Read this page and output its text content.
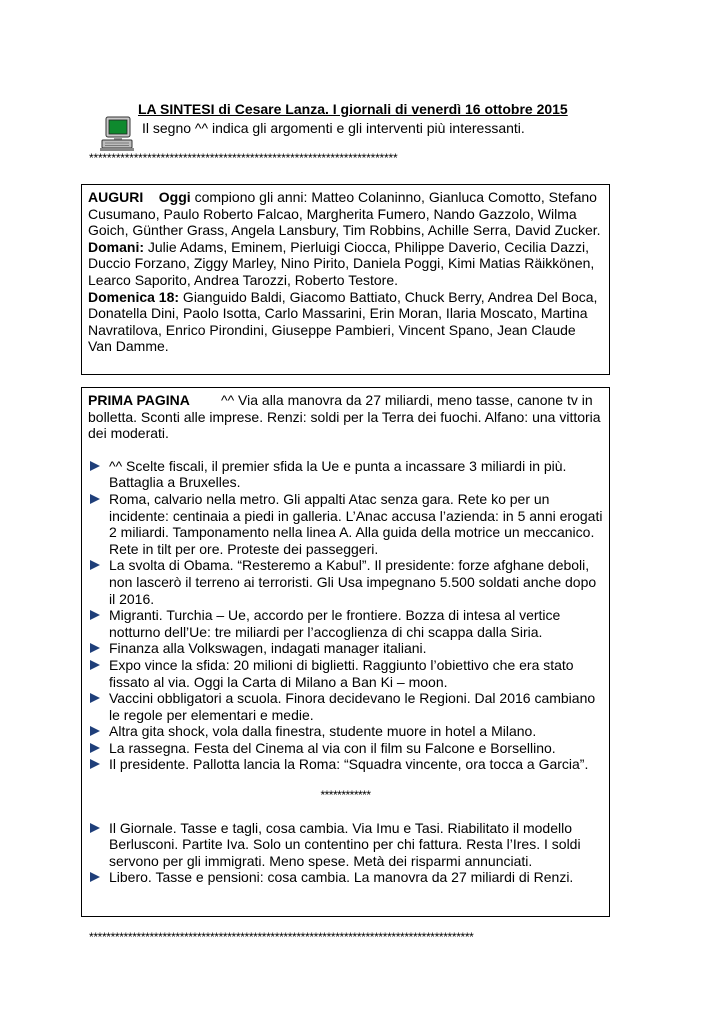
LA SINTESI di Cesare Lanza. I giornali di venerdì 16 ottobre 2015
Il segno ^^ indica gli argomenti e gli interventi più interessanti.
*********************************************************************

AUGURI Oggi compiono gli anni: Matteo Colaninno, Gianluca Comotto, Stefano Cusumano, Paulo Roberto Falcao, Margherita Fumero, Nando Gazzolo, Wilma Goich, Günther Grass, Angela Lansbury, Tim Robbins, Achille Serra, David Zucker.

Domani: Julie Adams, Eminem, Pierluigi Ciocca, Philippe Daverio, Cecilia Dazzi, Duccio Forzano, Ziggy Marley, Nino Pirito, Daniela Poggi, Kimi Matias Räikkönen, Learco Saporito, Andrea Tarozzi, Roberto Testore.

Domenica 18: Gianguido Baldi, Giacomo Battiato, Chuck Berry, Andrea Del Boca, Donatella Dini, Paolo Isotta, Carlo Massarini, Erin Moran, Ilaria Moscato, Martina Navratilova, Enrico Pirondini, Giuseppe Pambieri, Vincent Spano, Jean Claude Van Damme.

PRIMA PAGINA ^^ Via alla manovra da 27 miliardi, meno tasse, canone tv in bolletta. Sconti alle imprese. Renzi: soldi per la Terra dei fuochi. Alfano: una vittoria dei moderati.

^^ Scelte fiscali, il premier sfida la Ue e punta a incassare 3 miliardi in più. Battaglia a Bruxelles.
Roma, calvario nella metro. Gli appalti Atac senza gara. Rete ko per un incidente: centinaia a piedi in galleria. L’Anac accusa l’azienda: in 5 anni erogati 2 miliardi. Tamponamento nella linea A. Alla guida della motrice un meccanico. Rete in tilt per ore. Proteste dei passeggeri.
La svolta di Obama. “Resteremo a Kabul”. Il presidente: forze afghane deboli, non lascerò il terreno ai terroristi. Gli Usa impegnano 5.500 soldati anche dopo il 2016.
Migranti. Turchia – Ue, accordo per le frontiere. Bozza di intesa al vertice notturno dell’Ue: tre miliardi per l’accoglienza di chi scappa dalla Siria.
Finanza alla Volkswagen, indagati manager italiani.
Expo vince la sfida: 20 milioni di biglietti. Raggiunto l’obiettivo che era stato fissato al via. Oggi la Carta di Milano a Ban Ki – moon.
Vaccini obbligatori a scuola. Finora decidevano le Regioni. Dal 2016 cambiano le regole per elementari e medie.
Altra gita shock, vola dalla finestra, studente muore in hotel a Milano.
La rassegna. Festa del Cinema al via con il film su Falcone e Borsellino.
Il presidente. Pallotta lancia la Roma: “Squadra vincente, ora tocca a Garcia”.
************
Il Giornale. Tasse e tagli, cosa cambia. Via Imu e Tasi. Riabilitato il modello Berlusconi. Partite Iva. Solo un contentino per chi fattura. Resta l’Ires. I soldi servono per gli immigrati. Meno spese. Metà dei risparmi annunciati.
Libero. Tasse e pensioni: cosa cambia. La manovra da 27 miliardi di Renzi.
*****************************************************************************************
